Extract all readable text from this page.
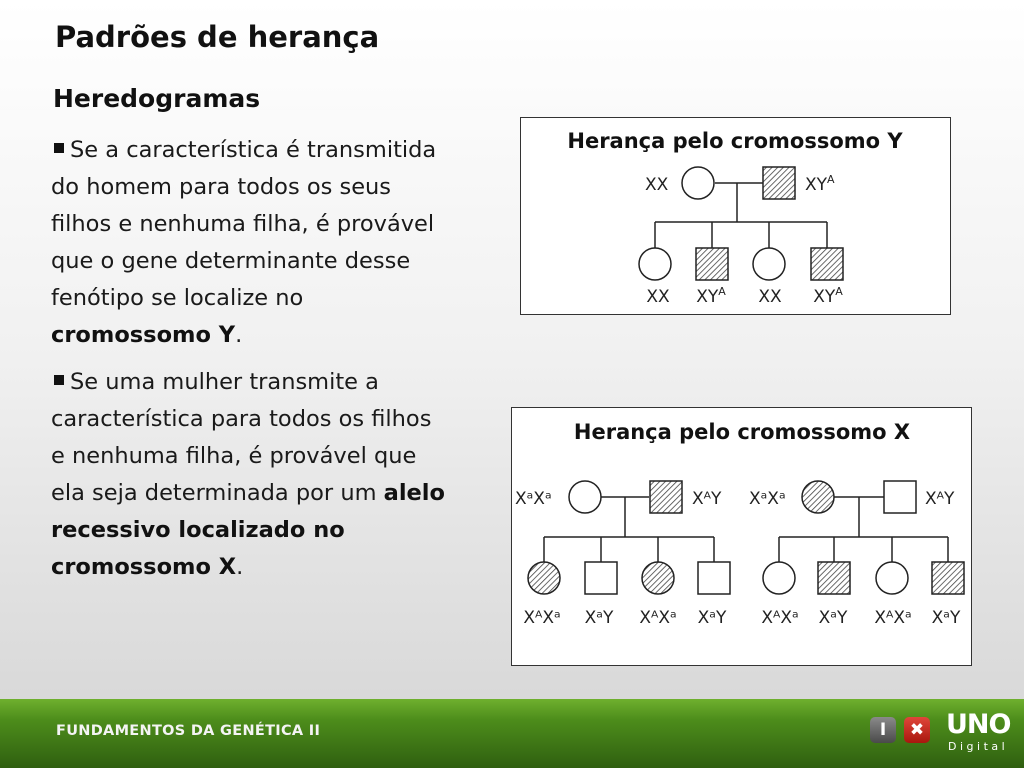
Padrões de herança
Heredogramas

Se a característica é transmitida do homem para todos os seus filhos e nenhuma filha, é provável que o gene determinante desse fenótipo se localize no cromossomo Y.

Se uma mulher transmite a característica para todos os filhos e nenhuma filha, é provável que ela seja determinada por um alelo recessivo localizado no cromossomo X.

Herança pelo cromossomo Y
XX	$XY^A$
XX $XY^A$ XX $XY^A$
Herança pelo cromossomo X
XᵃXᵃ	XᴬY
XᴬXᵃ XᵃY XᴬXᵃ XᵃY
XᵃXᵃ	XᴬY
XᴬXᵃ XᵃY XᴬXᵃ XᵃY
FUNDAMENTOS DA GENÉTICA II	I	✖ UNO
Digital
